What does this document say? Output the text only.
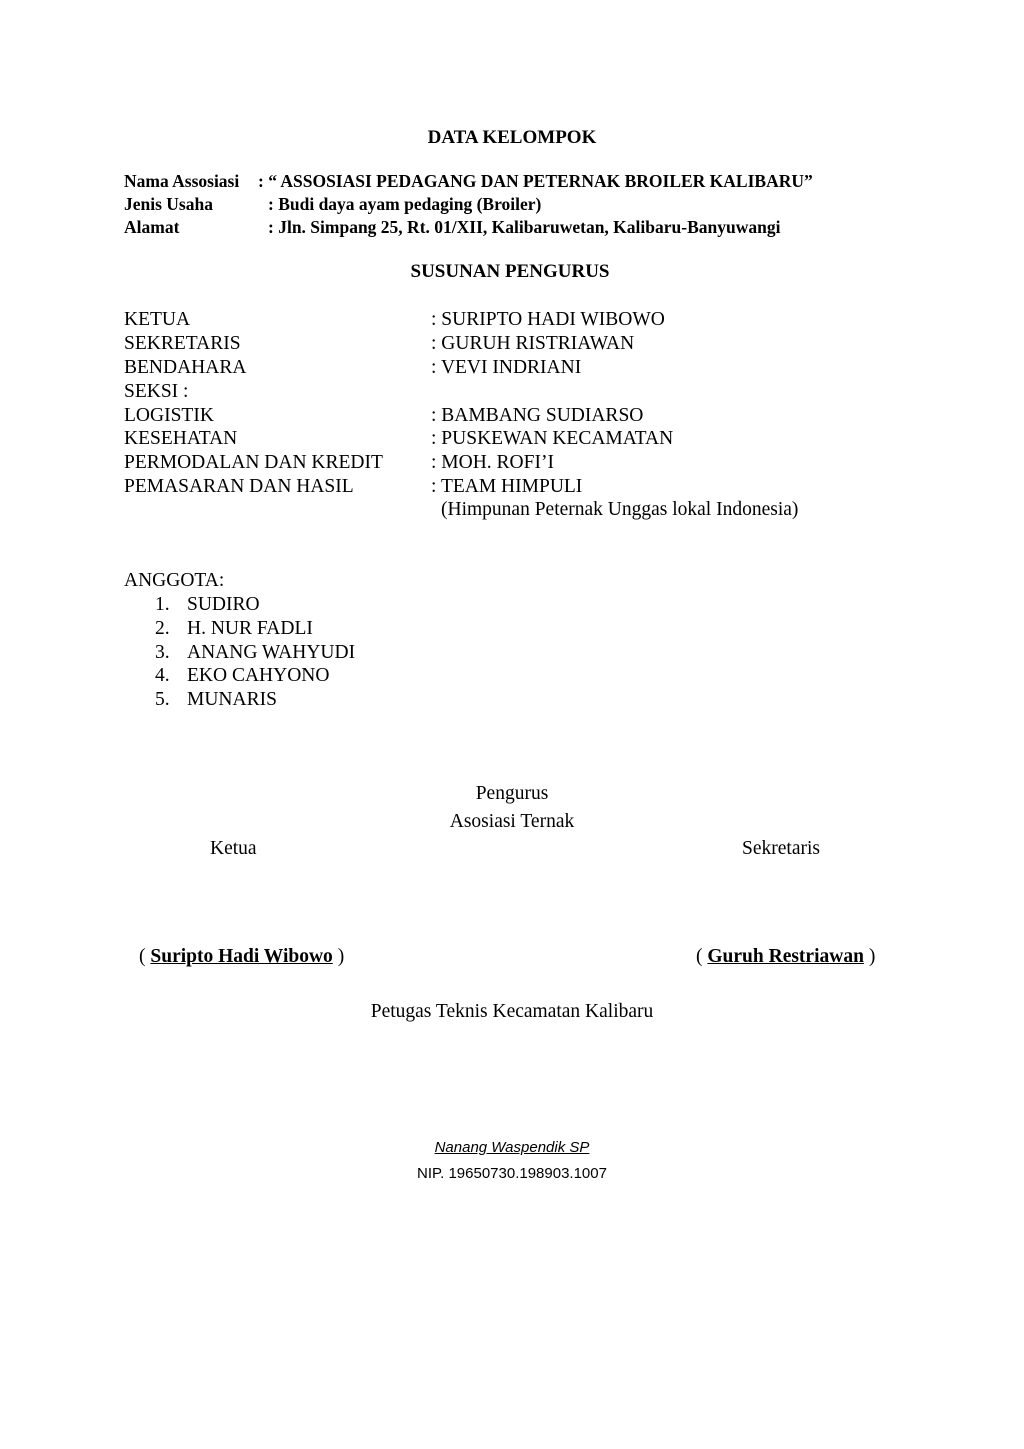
DATA KELOMPOK
Nama Assosiasi : “ ASSOSIASI PEDAGANG DAN PETERNAK BROILER KALIBARU”
Jenis Usaha	: Budi daya ayam pedaging (Broiler)
Alamat	: Jln. Simpang 25, Rt. 01/XII, Kalibaruwetan, Kalibaru-Banyuwangi
SUSUNAN PENGURUS
KETUA	: SURIPTO HADI WIBOWO
SEKRETARIS	: GURUH RISTRIAWAN
BENDAHARA	: VEVI INDRIANI
SEKSI :
LOGISTIK	: BAMBANG SUDIARSO
KESEHATAN	: PUSKEWAN KECAMATAN
PERMODALAN DAN KREDIT : MOH. ROFI’I
PEMASARAN DAN HASIL	: TEAM HIMPULI
(Himpunan Peternak Unggas lokal Indonesia)
ANGGOTA:
1. SUDIRO
2. H. NUR FADLI
3. ANANG WAHYUDI
4. EKO CAHYONO
5. MUNARIS
Pengurus
Asosiasi Ternak
Ketua	Sekretaris
( Suripto Hadi Wibowo )	( Guruh Restriawan )
Petugas Teknis Kecamatan Kalibaru
Nanang Waspendik SP
NIP. 19650730.198903.1007
